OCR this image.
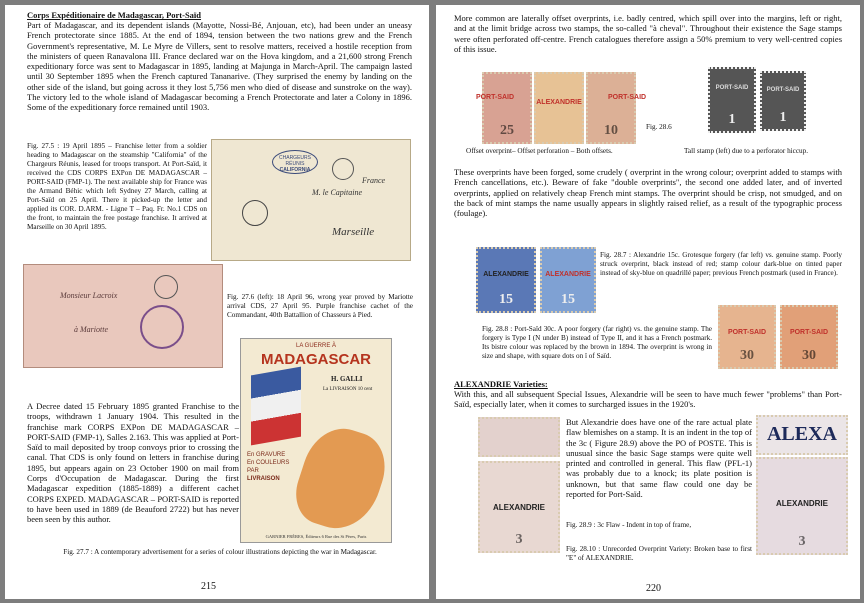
Corps Expéditionaire de Madagascar, Port-Saïd
Part of Madagascar, and its dependent islands (Mayotte, Nossi-Bé, Anjouan, etc), had been under an uneasy French protectorate since 1885. At the end of 1894, tension between the two nations grew and the French Government's representative, M. Le Myre de Villers, sent to resolve matters, received a hostile reception from the ministers of queen Ranavalona III. France declared war on the Hova kingdom, and a 21,600 strong French expeditionary force was sent to Madagascar in 1895, landing at Majunga in March-April. The campaign lasted until 30 September 1895 when the French captured Tananarive. (They surprised the enemy by landing on the other side of the island, but going across it they lost 5,756 men who died of disease and sunstroke on the way). The victory led to the whole island of Madagascar becoming a French Protectorate and later a Colony in 1896. Some of the expeditionary force remained until 1903.
Fig. 27.5 : 19 April 1895 – Franchise letter from a soldier heading to Madagascar on the steamship "California" of the Chargeurs Réunis, leased for troops transport. At Port-Saïd, it received the CDS CORPS EXPon DE MADAGASCAR – PORT-SAID (FMP-1). The next available ship for France was the Armand Béhic which left Sydney 27 March, calling at Port-Saïd on 25 April. There it picked-up the letter and applied its COR. D.ARM. - Ligne T – Paq. Fr. No.1 CDS on the front, to maintain the free postage franchise. It arrived at Marseille on 30 April 1895.
CHARGEURS RÉUNIS
CALIFORNIA
M. le Capitaine
France
Marseille
Monsieur Lacroix
à Mariotte
Fig. 27.6 (left): 18 April 96, wrong year proved by Mariotte arrival CDS, 27 April 95. Purple franchise cachet of the Commandant, 40th Battallion of Chasseurs à Pied.
A Decree dated 15 February 1895 granted Franchise to the troops, withdrawn 1 January 1904. This resulted in the franchise mark CORPS EXPon DE MADAGASCAR – PORT-SAID (FMP-1), Salles 2.163. This was applied at Port-Saïd to mail deposited by troop convoys prior to crossing the canal. That CDS is only found on letters in franchise during 1895, but appears again on 23 October 1900 on mail from Corps d'Occupation de Madagascar. During the first Madagascar expedition (1885-1889) a different cachet CORPS EXPED. MADAGASCAR – PORT-SAID is reported to have been used in 1889 (de Beauford 2722) but has never been seen by this author.
LA GUERRE À
MADAGASCAR
H. GALLI
La LIVRAISON 10 cent
En GRAVURE
En COULEURS
PAR
LIVRAISON
GARNIER FRÈRES, Éditeurs 6 Rue des St Pères, Paris
Fig. 27.7 : A contemporary advertisement for a series of colour illustrations depicting the war in Madagascar.
215
More common are laterally offset overprints, i.e. badly centred, which spill over into the margins, left or right, and at the limit bridge across two stamps, the so-called "à cheval". Throughout their existence the Sage stamps were often perforated off-centre. French catalogues therefore assign a 50% premium to very well-centred copies of this issue.
PORT-SAID
25
ALEXANDRIE
PORT-SAID
10
PORT-SAID
1
PORT-SAID
1
Fig. 28.6
Offset overprint– Offset perforation – Both offsets.	Tall stamp (left) due to a perforator hiccup.
These overprints have been forged, some crudely ( overprint in the wrong colour; overprint added to stamps with French cancellations, etc.). Beware of fake "double overprints", the second one added later, and of inverted overprints, applied on relatively cheap French mint stamps. The overprint should be crisp, not smudged, and on the back of mint stamps the name usually appears in slightly raised relief, as a result of the typographic process (foulage).
ALEXANDRIE
15
ALEXANDRIE
15
Fig. 28.7 : Alexandrie 15c. Grotesque forgery (far left) vs. genuine stamp. Poorly struck overprint, black instead of red; stamp colour dark-blue on tinted paper instead of sky-blue on quadrillé paper; previous French postmark (used in France).
PORT-SAID
30
PORT-SAID
30
Fig. 28.8 : Port-Saïd 30c. A poor forgery (far right) vs. the genuine stamp. The forgery is Type I (N under B) instead of Type II, and it has a French postmark. Its bistre colour was replaced by the brown in 1894. The overprint is wrong in size and shape, with square dots on ï of Saïd.
ALEXANDRIE Varieties:
With this, and all subsequent Special Issues, Alexandrie will be seen to have much fewer "problems" than Port-Saïd, especially later, when it comes to surcharged issues in the 1920's.
ALEXANDRIE
3
But Alexandrie does have one of the rare actual plate flaw blemishes on a stamp. It is an indent in the top of the 3c ( Figure 28.9) above the PO of POSTE. This is unusual since the basic Sage stamps were quite well printed and controlled in general. This flaw (PFL-1) was probably due to a knock; its plate position is unknown, but that same flaw could one day be reported for Port-Saïd.
Fig. 28.9 : 3c Flaw - Indent in top of frame,
ALEXA
ALEXANDRIE
3
Fig. 28.10 : Unrecorded Overprint Variety: Broken base to first "E" of ALEXANDRIE.
220
